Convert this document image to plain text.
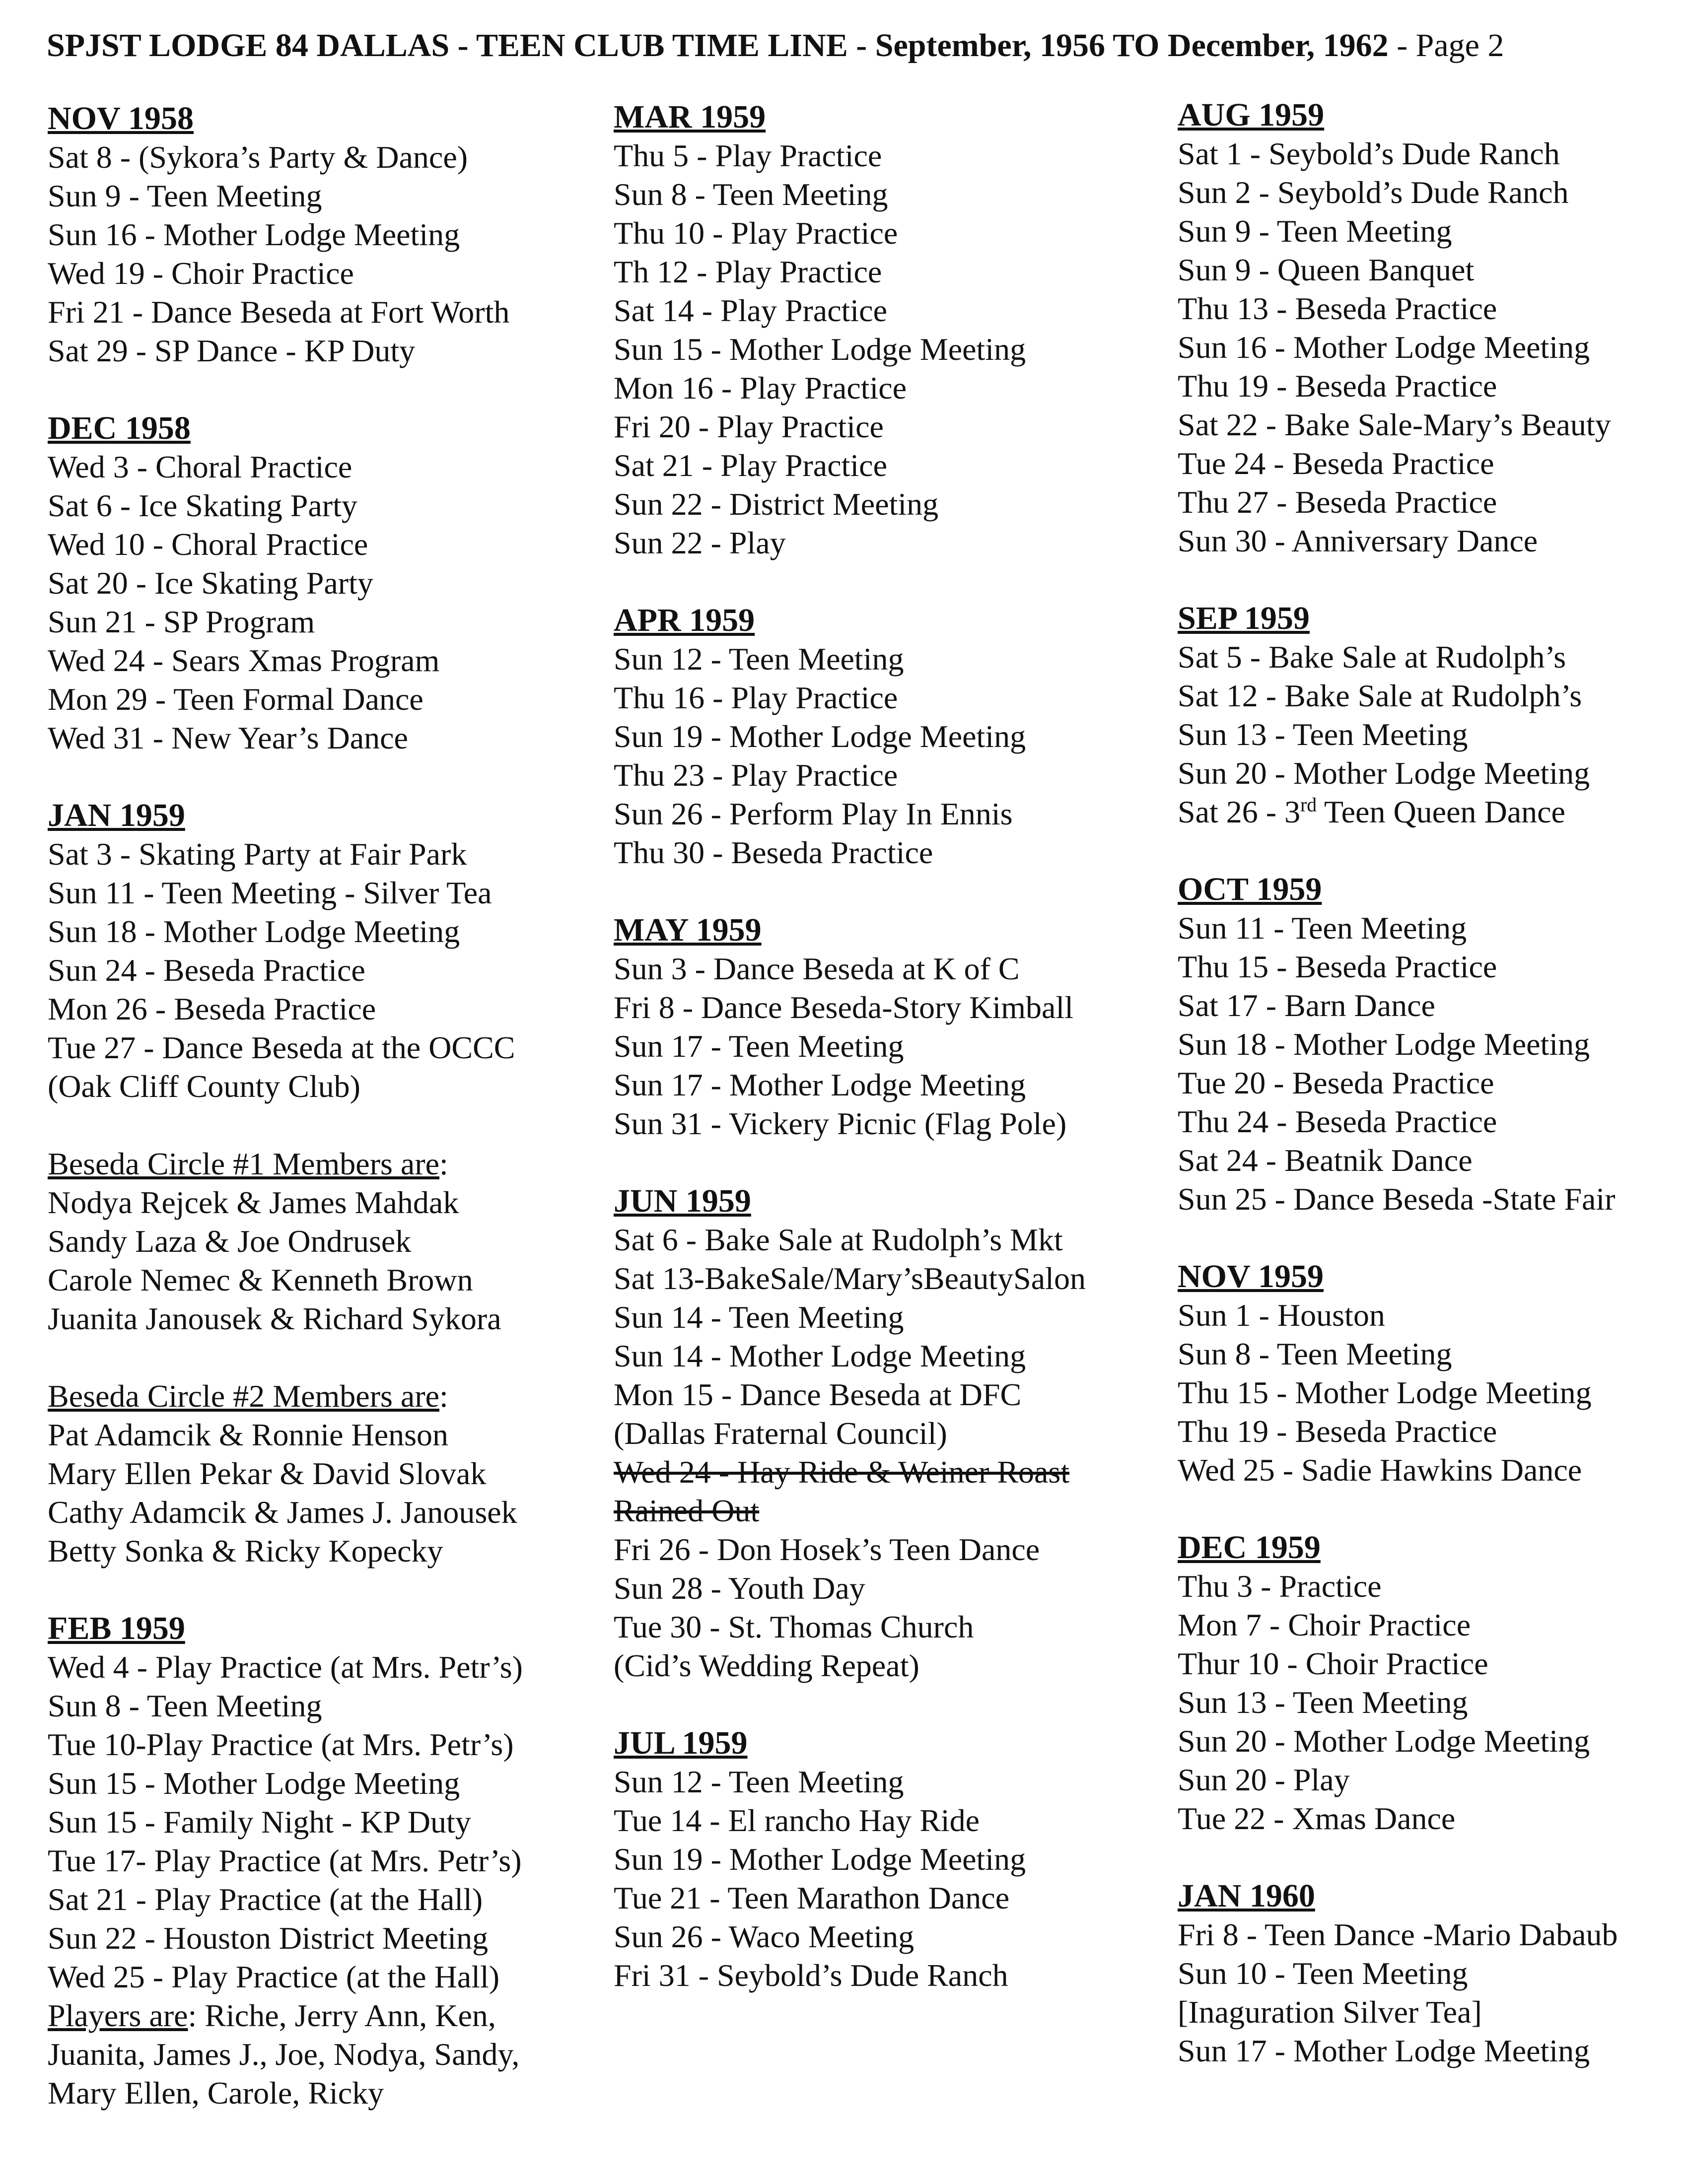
SPJST LODGE 84 DALLAS - TEEN CLUB TIME LINE - September, 1956 TO December, 1962 - Page 2
NOV 1958
Sat 8 - (Sykora’s Party & Dance)
Sun 9 - Teen Meeting
Sun 16 - Mother Lodge Meeting
Wed 19 - Choir Practice
Fri 21 - Dance Beseda at Fort Worth
Sat 29 - SP Dance - KP Duty
DEC 1958
Wed 3 - Choral Practice
Sat 6 - Ice Skating Party
Wed 10 - Choral Practice
Sat 20 - Ice Skating Party
Sun 21 - SP Program
Wed 24 - Sears Xmas Program
Mon 29 - Teen Formal Dance
Wed 31 - New Year’s Dance
JAN 1959
Sat 3 - Skating Party at Fair Park
Sun 11 - Teen Meeting - Silver Tea
Sun 18 - Mother Lodge Meeting
Sun 24 - Beseda Practice
Mon 26 - Beseda Practice
Tue 27 - Dance Beseda at the OCCC
(Oak Cliff County Club)
Beseda Circle #1 Members are:
Nodya Rejcek & James Mahdak
Sandy Laza & Joe Ondrusek
Carole Nemec & Kenneth Brown
Juanita Janousek & Richard Sykora
Beseda Circle #2 Members are:
Pat Adamcik & Ronnie Henson
Mary Ellen Pekar & David Slovak
Cathy Adamcik & James J. Janousek
Betty Sonka & Ricky Kopecky
FEB 1959
Wed 4 - Play Practice (at Mrs. Petr’s)
Sun 8 - Teen Meeting
Tue 10-Play Practice (at Mrs. Petr’s)
Sun 15 - Mother Lodge Meeting
Sun 15 - Family Night - KP Duty
Tue 17- Play Practice (at Mrs. Petr’s)
Sat 21 - Play Practice (at the Hall)
Sun 22 - Houston District Meeting
Wed 25 - Play Practice (at the Hall)
Players are: Riche, Jerry Ann, Ken,
Juanita, James J., Joe, Nodya, Sandy,
Mary Ellen, Carole, Ricky
MAR 1959
Thu 5 - Play Practice
Sun 8 - Teen Meeting
Thu 10 - Play Practice
Th 12 - Play Practice
Sat 14 - Play Practice
Sun 15 - Mother Lodge Meeting
Mon 16 - Play Practice
Fri 20 - Play Practice
Sat 21 - Play Practice
Sun 22 - District Meeting
Sun 22 - Play
APR 1959
Sun 12 - Teen Meeting
Thu 16 - Play Practice
Sun 19 - Mother Lodge Meeting
Thu 23 - Play Practice
Sun 26 - Perform Play In Ennis
Thu 30 - Beseda Practice
MAY 1959
Sun 3 - Dance Beseda at K of C
Fri 8 - Dance Beseda-Story Kimball
Sun 17 - Teen Meeting
Sun 17 - Mother Lodge Meeting
Sun 31 - Vickery Picnic (Flag Pole)
JUN 1959
Sat 6 - Bake Sale at Rudolph’s Mkt
Sat 13-BakeSale/Mary’sBeautySalon
Sun 14 - Teen Meeting
Sun 14 - Mother Lodge Meeting
Mon 15 - Dance Beseda at DFC
(Dallas Fraternal Council)
Wed 24 - Hay Ride & Weiner Roast
Rained Out
Fri 26 - Don Hosek’s Teen Dance
Sun 28 - Youth Day
Tue 30 - St. Thomas Church
(Cid’s Wedding Repeat)
JUL 1959
Sun 12 - Teen Meeting
Tue 14 - El rancho Hay Ride
Sun 19 - Mother Lodge Meeting
Tue 21 - Teen Marathon Dance
Sun 26 - Waco Meeting
Fri 31 - Seybold’s Dude Ranch
AUG 1959
Sat 1 - Seybold’s Dude Ranch
Sun 2 - Seybold’s Dude Ranch
Sun 9 - Teen Meeting
Sun 9 - Queen Banquet
Thu 13 - Beseda Practice
Sun 16 - Mother Lodge Meeting
Thu 19 - Beseda Practice
Sat 22 - Bake Sale-Mary’s Beauty
Tue 24 - Beseda Practice
Thu 27 - Beseda Practice
Sun 30 - Anniversary Dance
SEP 1959
Sat 5 - Bake Sale at Rudolph’s
Sat 12 - Bake Sale at Rudolph’s
Sun 13 - Teen Meeting
Sun 20 - Mother Lodge Meeting
Sat 26 - 3rd Teen Queen Dance
OCT 1959
Sun 11 - Teen Meeting
Thu 15 - Beseda Practice
Sat 17 - Barn Dance
Sun 18 - Mother Lodge Meeting
Tue 20 - Beseda Practice
Thu 24 - Beseda Practice
Sat 24 - Beatnik Dance
Sun 25 - Dance Beseda -State Fair
NOV 1959
Sun 1 - Houston
Sun 8 - Teen Meeting
Thu 15 - Mother Lodge Meeting
Thu 19 - Beseda Practice
Wed 25 - Sadie Hawkins Dance
DEC 1959
Thu 3 - Practice
Mon 7 - Choir Practice
Thur 10 - Choir Practice
Sun 13 - Teen Meeting
Sun 20 - Mother Lodge Meeting
Sun 20 - Play
Tue 22 - Xmas Dance
JAN 1960
Fri 8 - Teen Dance -Mario Dabaub
Sun 10 - Teen Meeting
[Inaguration Silver Tea]
Sun 17 - Mother Lodge Meeting
